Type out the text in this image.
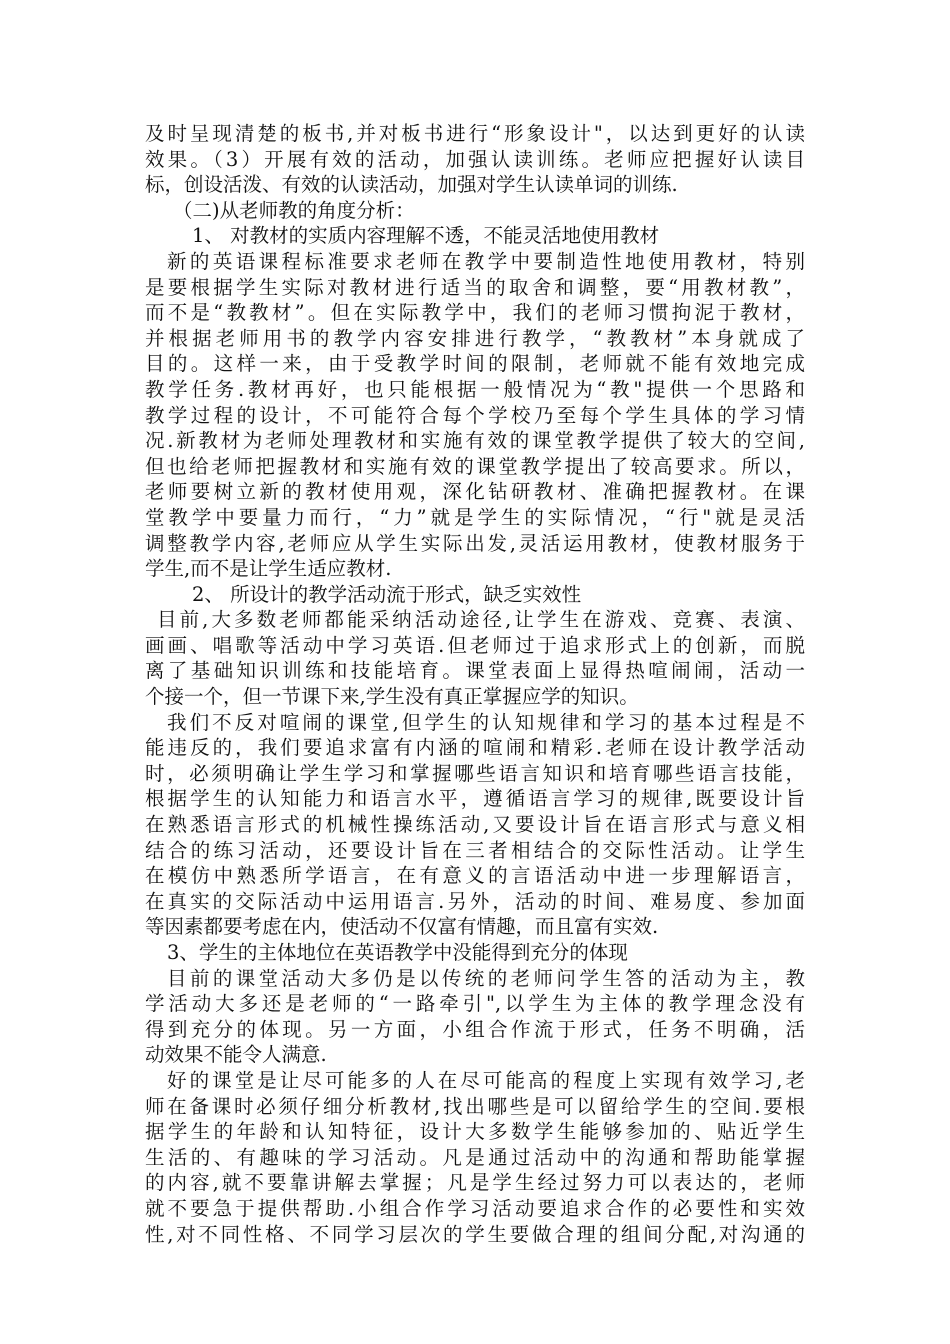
及时呈现清楚的板书,并对板书进行“形象设计"，以达到更好的认读
效果。（3）开展有效的活动，加强认读训练。老师应把握好认读目
标，创设活泼、有效的认读活动，加强对学生认读单词的训练.
（二)从老师教的角度分析：
1、 对教材的实质内容理解不透，不能灵活地使用教材
新的英语课程标准要求老师在教学中要制造性地使用教材，特别
是要根据学生实际对教材进行适当的取舍和调整，要“用教材教”，
而不是“教教材”。但在实际教学中，我们的老师习惯拘泥于教材，
并根据老师用书的教学内容安排进行教学，“教教材”本身就成了
目的。这样一来，由于受教学时间的限制，老师就不能有效地完成
教学任务.教材再好，也只能根据一般情况为“教"提供一个思路和
教学过程的设计，不可能符合每个学校乃至每个学生具体的学习情
况.新教材为老师处理教材和实施有效的课堂教学提供了较大的空间,
但也给老师把握教材和实施有效的课堂教学提出了较高要求。所以，
老师要树立新的教材使用观，深化钻研教材、准确把握教材。在课
堂教学中要量力而行，“力”就是学生的实际情况，“行"就是灵活
调整教学内容,老师应从学生实际出发,灵活运用教材，使教材服务于
学生,而不是让学生适应教材.
2、 所设计的教学活动流于形式，缺乏实效性
目前,大多数老师都能采纳活动途径,让学生在游戏、竞赛、表演、
画画、唱歌等活动中学习英语.但老师过于追求形式上的创新，而脱
离了基础知识训练和技能培育。课堂表面上显得热喧闹闹，活动一
个接一个，但一节课下来,学生没有真正掌握应学的知识。
我们不反对喧闹的课堂,但学生的认知规律和学习的基本过程是不
能违反的，我们要追求富有内涵的喧闹和精彩.老师在设计教学活动
时，必须明确让学生学习和掌握哪些语言知识和培育哪些语言技能，
根据学生的认知能力和语言水平，遵循语言学习的规律,既要设计旨
在熟悉语言形式的机械性操练活动,又要设计旨在语言形式与意义相
结合的练习活动，还要设计旨在三者相结合的交际性活动。让学生
在模仿中熟悉所学语言，在有意义的言语活动中进一步理解语言，
在真实的交际活动中运用语言.另外，活动的时间、难易度、参加面
等因素都要考虑在内，使活动不仅富有情趣，而且富有实效.
3、学生的主体地位在英语教学中没能得到充分的体现
目前的课堂活动大多仍是以传统的老师问学生答的活动为主，教
学活动大多还是老师的“一路牵引",以学生为主体的教学理念没有
得到充分的体现。另一方面，小组合作流于形式，任务不明确，活
动效果不能令人满意.
好的课堂是让尽可能多的人在尽可能高的程度上实现有效学习,老
师在备课时必须仔细分析教材,找出哪些是可以留给学生的空间.要根
据学生的年龄和认知特征，设计大多数学生能够参加的、贴近学生
生活的、有趣味的学习活动。凡是通过活动中的沟通和帮助能掌握
的内容,就不要靠讲解去掌握；凡是学生经过努力可以表达的，老师
就不要急于提供帮助.小组合作学习活动要追求合作的必要性和实效
性,对不同性格、不同学习层次的学生要做合理的组间分配,对沟通的
